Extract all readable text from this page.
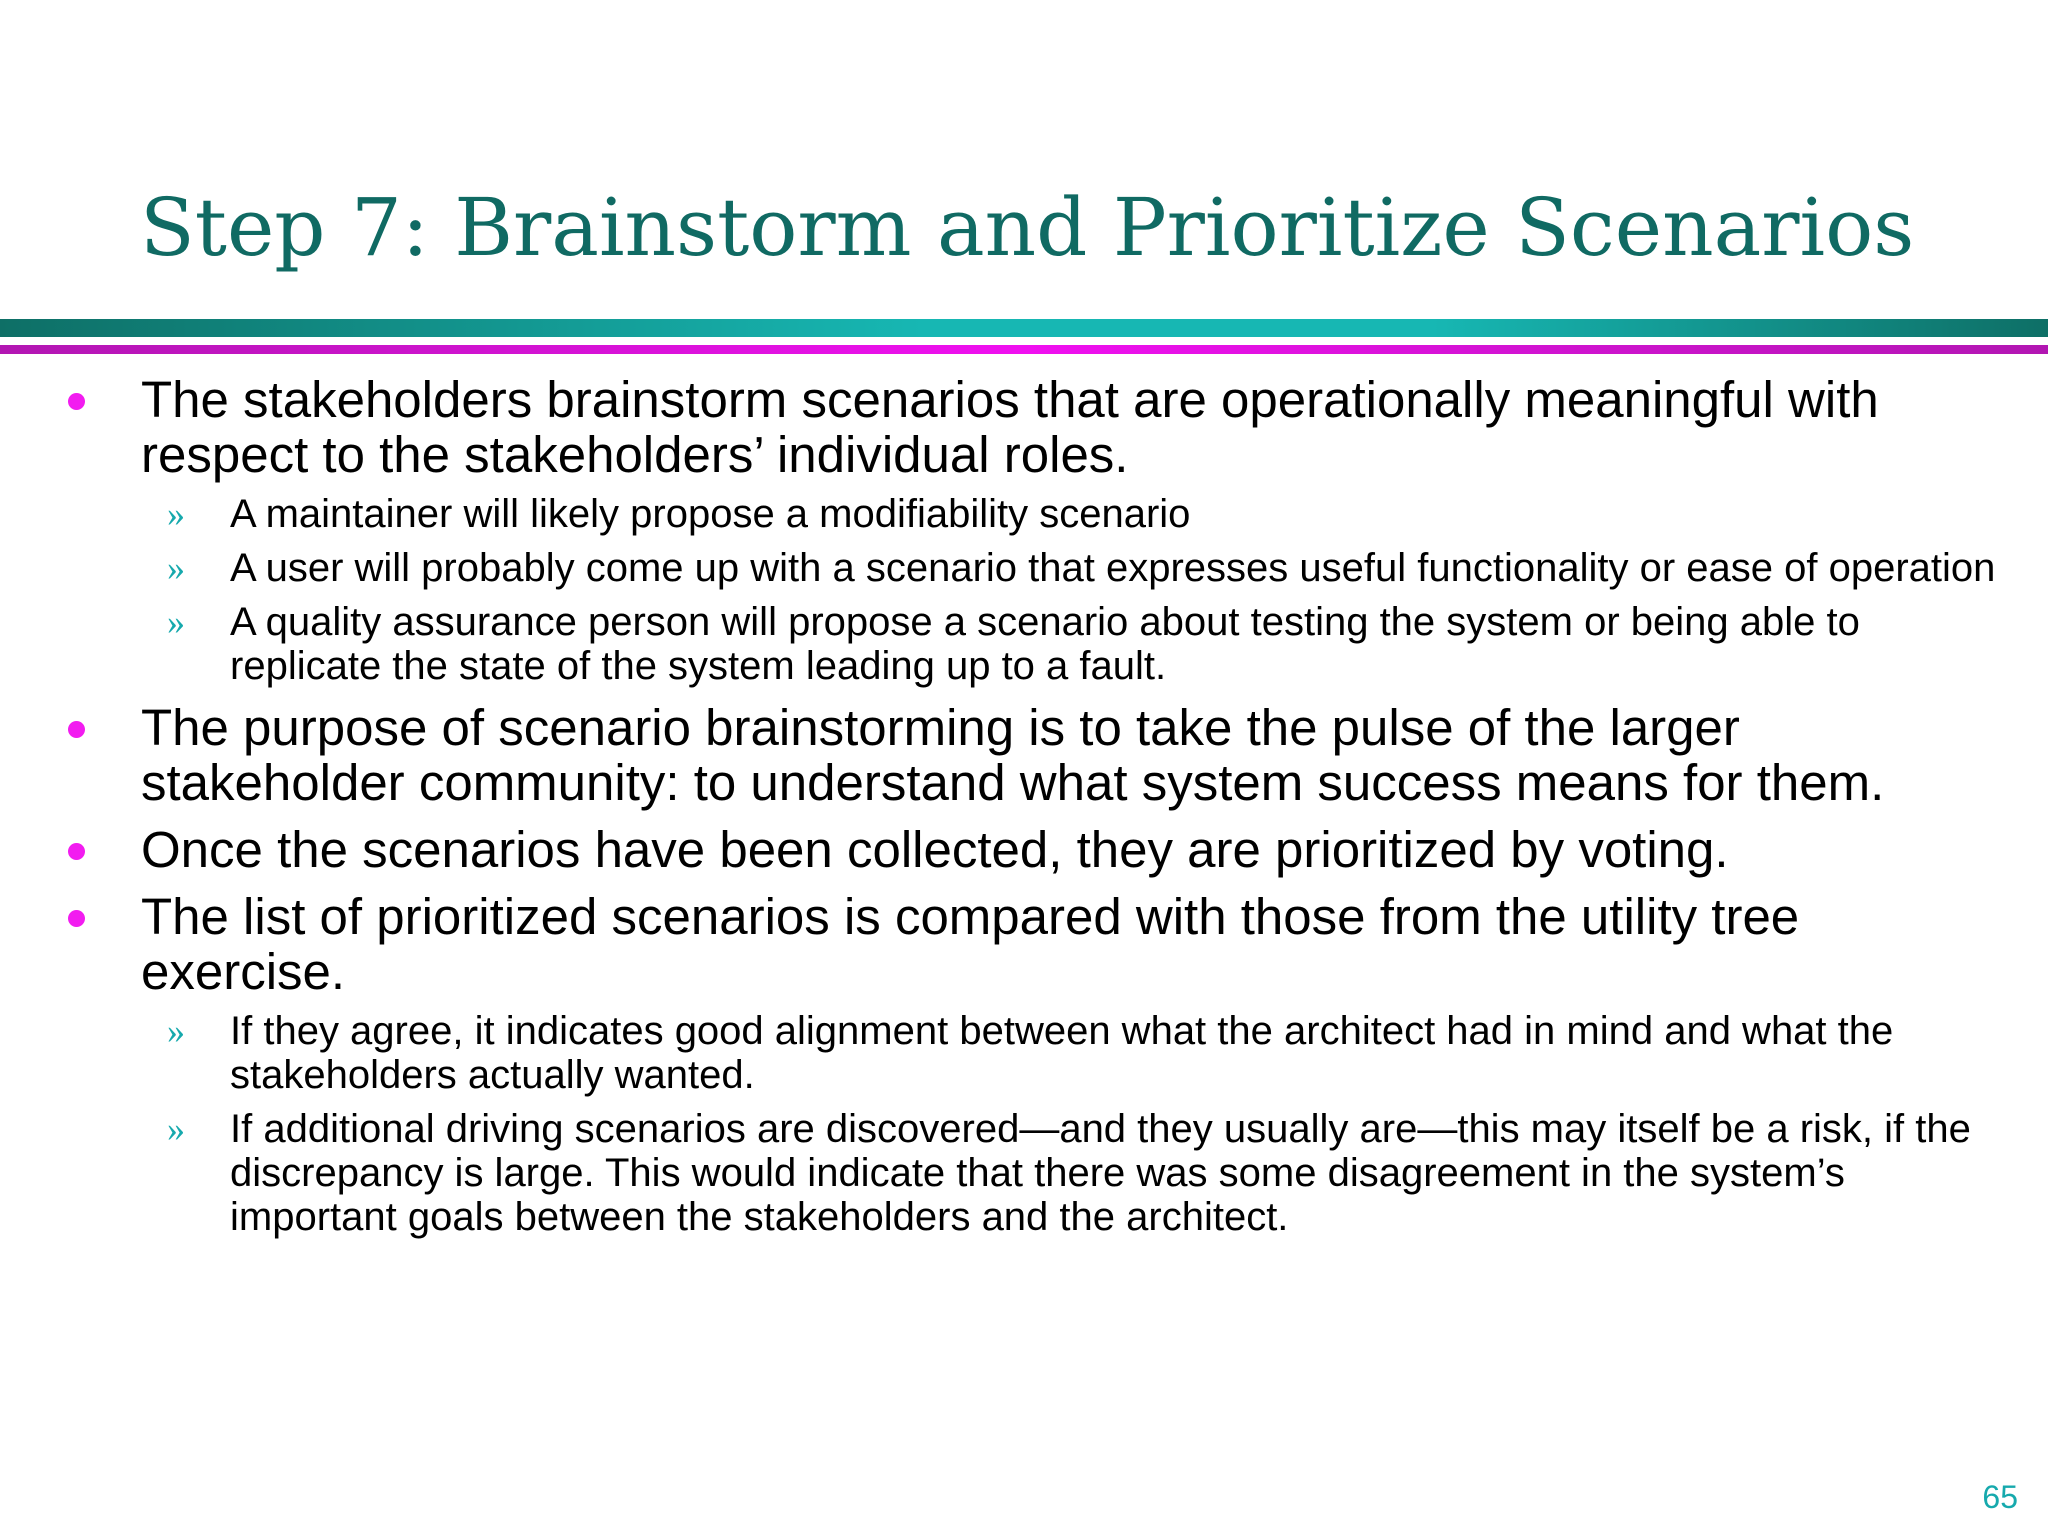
Step 7: Brainstorm and Prioritize Scenarios
The stakeholders brainstorm scenarios that are operationally meaningful with respect to the stakeholders’ individual roles.
» A maintainer will likely propose a modifiability scenario
» A user will probably come up with a scenario that expresses useful functionality or ease of operation
» A quality assurance person will propose a scenario about testing the system or being able to replicate the state of the system leading up to a fault.
The purpose of scenario brainstorming is to take the pulse of the larger stakeholder community: to understand what system success means for them.
Once the scenarios have been collected, they are prioritized by voting.
The list of prioritized scenarios is compared with those from the utility tree exercise.
» If they agree, it indicates good alignment between what the architect had in mind and what the stakeholders actually wanted.
» If additional driving scenarios are discovered—and they usually are—this may itself be a risk, if the discrepancy is large. This would indicate that there was some disagreement in the system’s important goals between the stakeholders and the architect.
65
